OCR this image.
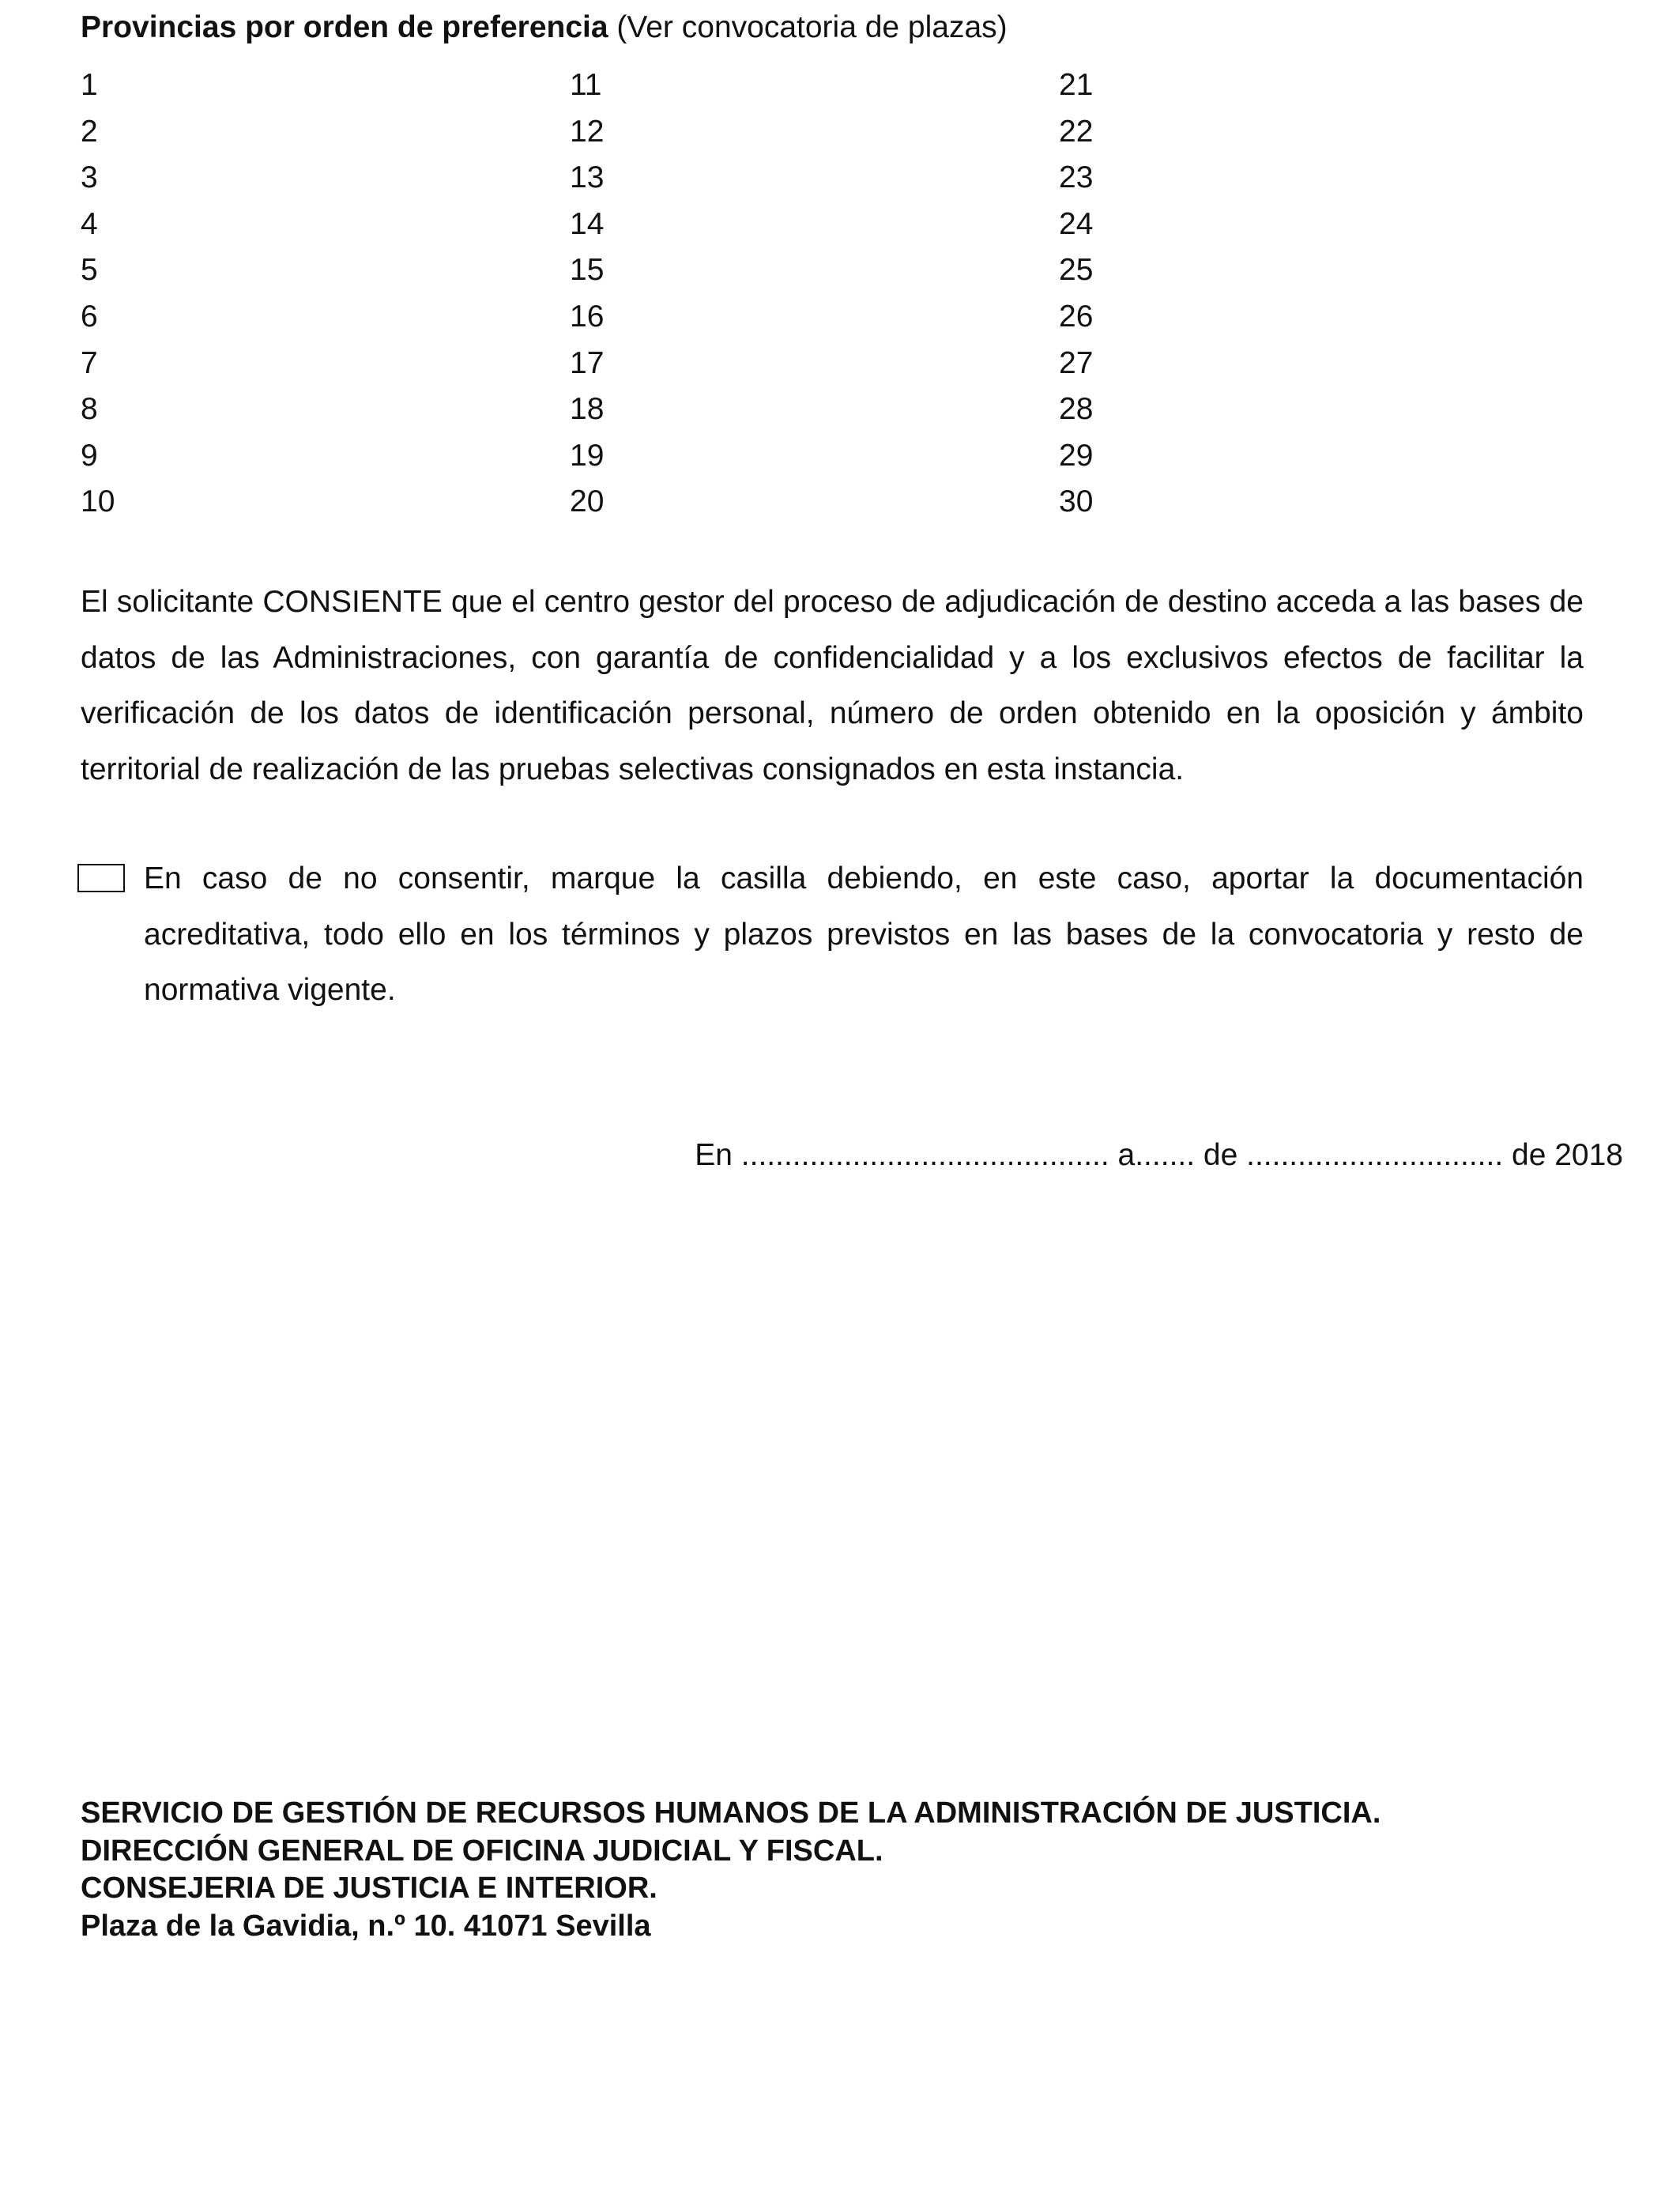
Provincias por orden de preferencia (Ver convocatoria de plazas)
1
2
3
4
5
6
7
8
9
10
11
12
13
14
15
16
17
18
19
20
21
22
23
24
25
26
27
28
29
30

El solicitante CONSIENTE que el centro gestor del proceso de adjudicación de destino acceda a las bases de datos de las Administraciones, con garantía de confidencialidad y a los exclusivos efectos de facilitar la verificación de los datos de identificación personal, número de orden obtenido en la oposición y ámbito territorial de realización de las pruebas selectivas consignados en esta instancia.

En caso de no consentir, marque la casilla debiendo, en este caso, aportar la documentación acreditativa, todo ello en los términos y plazos previstos en las bases de la convocatoria y resto de normativa vigente.

En ........................................... a....... de .............................. de 2018
SERVICIO DE GESTIÓN DE RECURSOS HUMANOS DE LA ADMINISTRACIÓN DE JUSTICIA.
DIRECCIÓN GENERAL DE OFICINA JUDICIAL Y FISCAL.
CONSEJERIA DE JUSTICIA E INTERIOR.
Plaza de la Gavidia, n.º 10. 41071 Sevilla
